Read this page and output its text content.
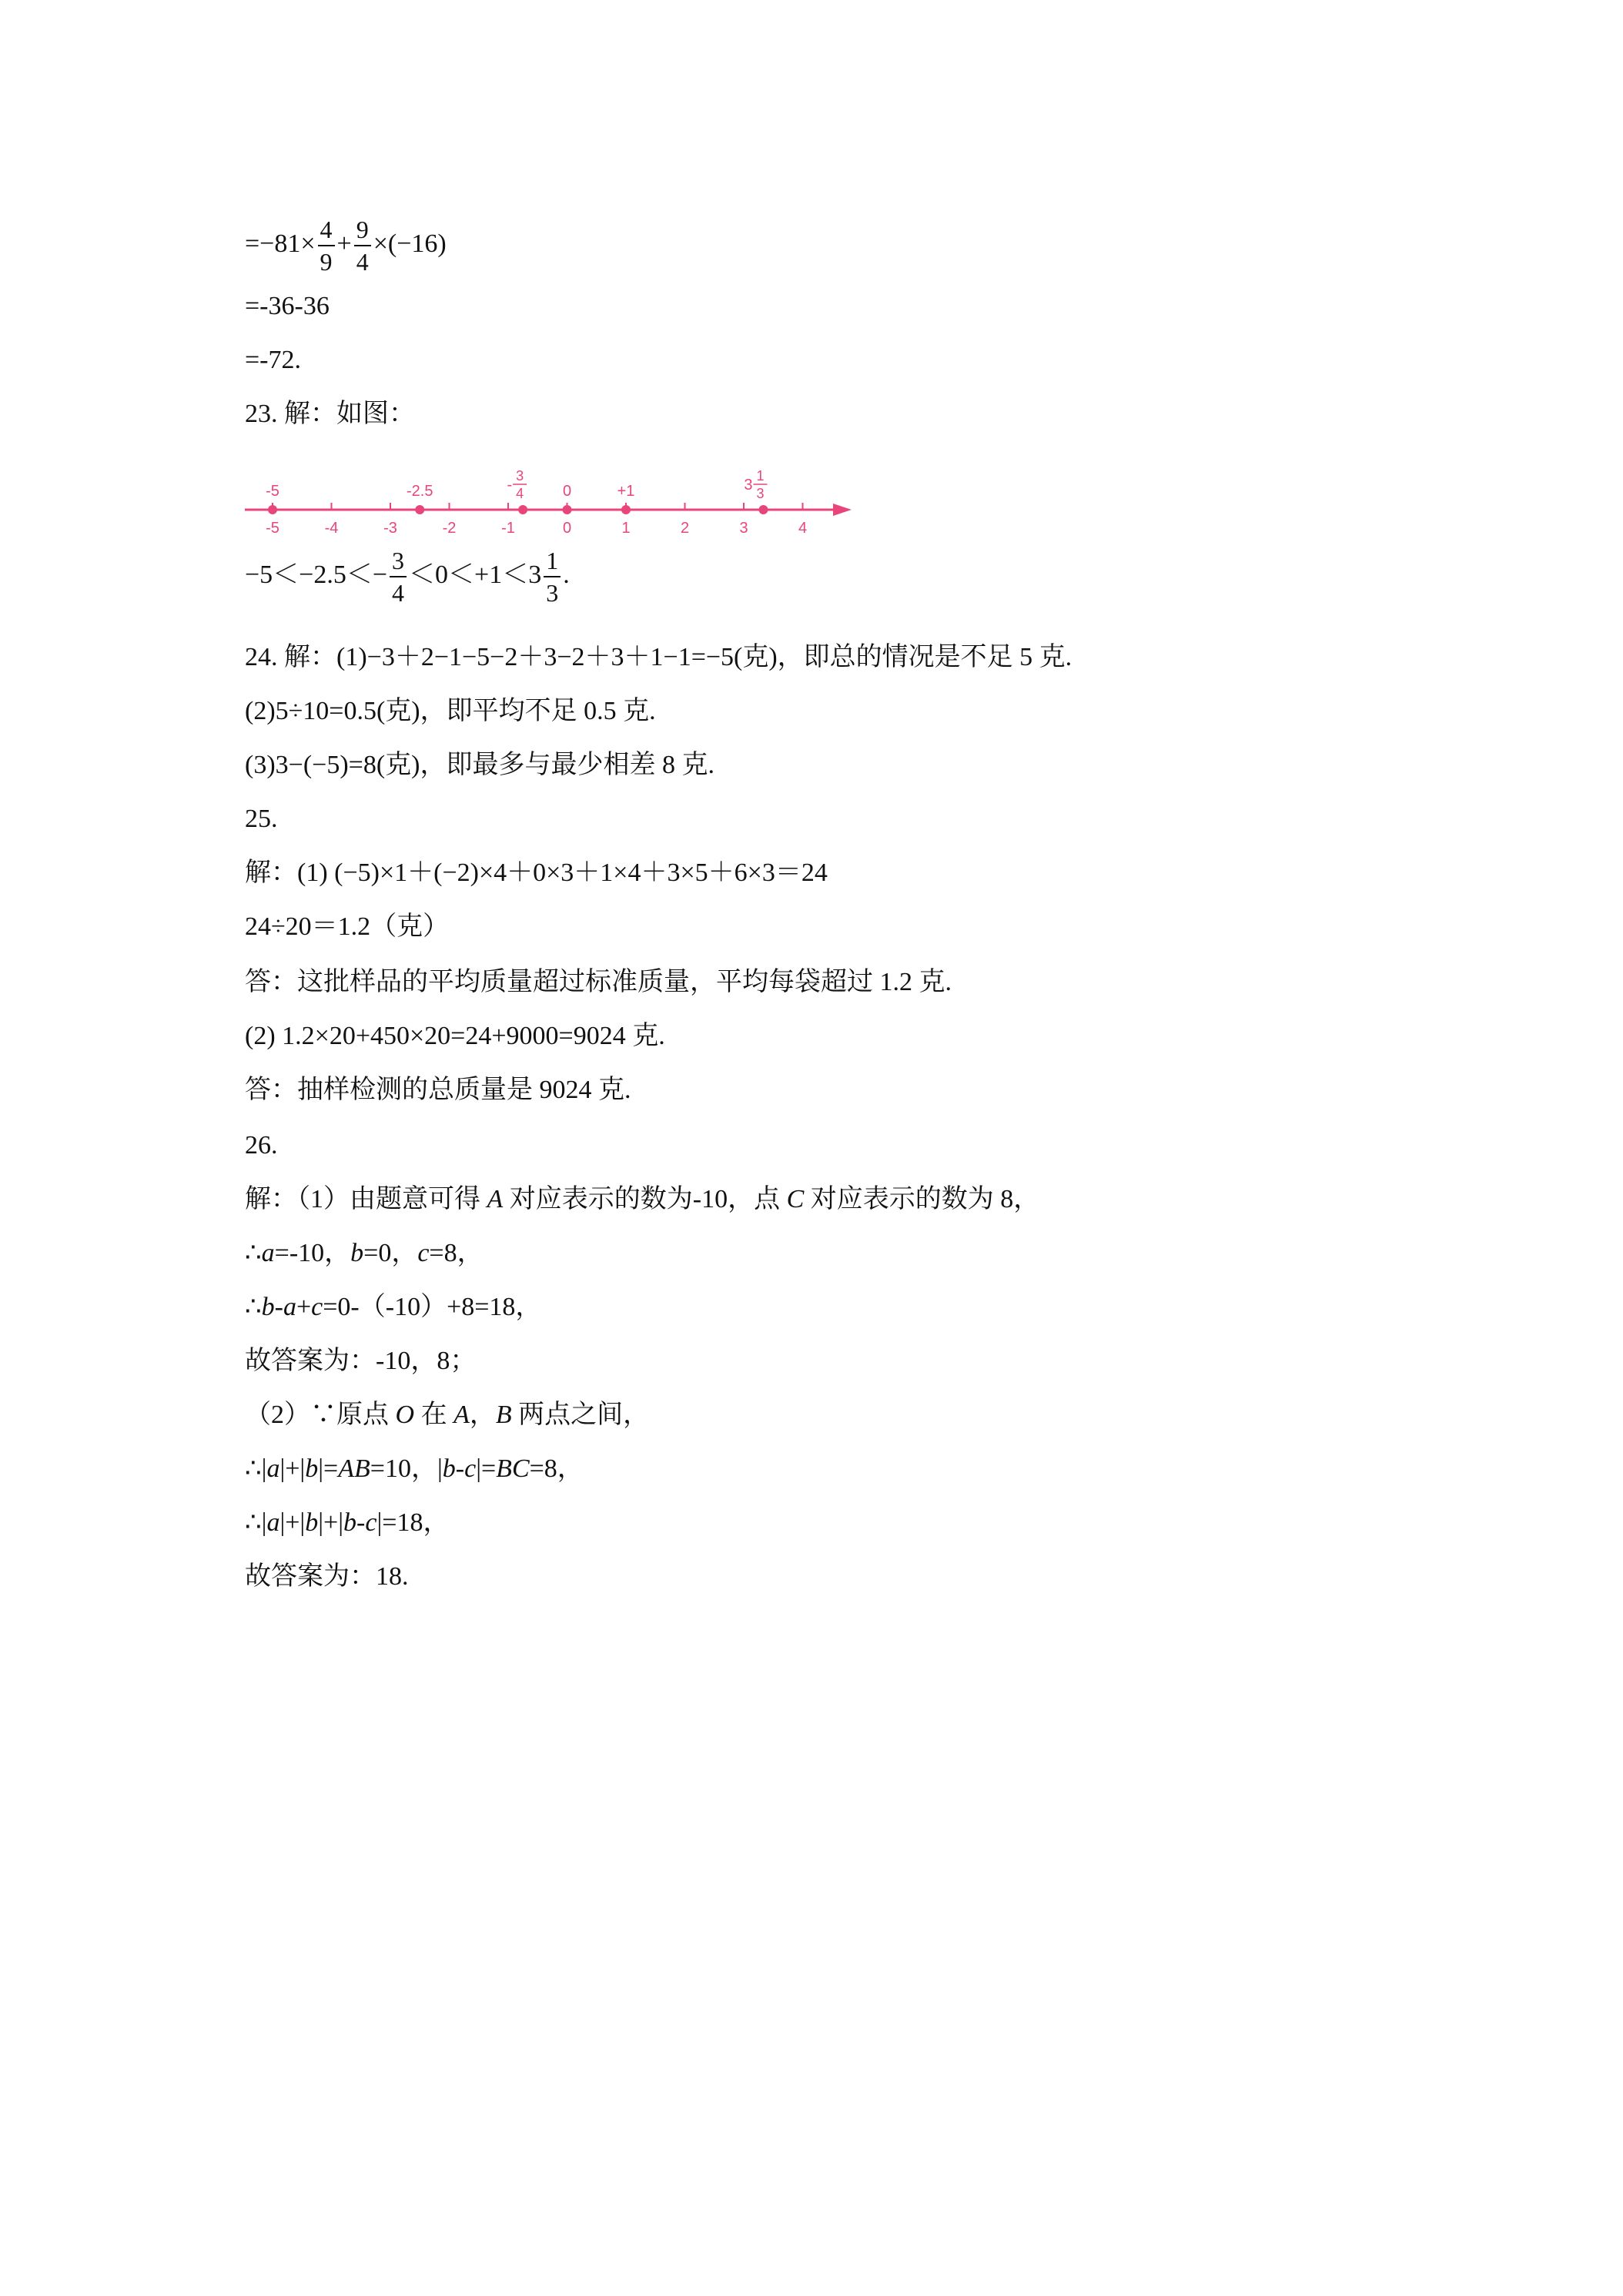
$=-81\times \frac{4}{9} + \frac{9}{4} \times(-16)$
=-36-36
=-72.
23. 解：如图：
-5	-4	-3	-2	-1	0	1	2	3	4
-5	-2.5	-
3
4	0	+1	3
1
3
$-5<-2.5<- \frac{3}{4} <0<+1<3 \frac{1}{3}$ .
24. 解：(1)−3＋2−1−5−2＋3−2＋3＋1−1=−5(克)，即总的情况是不足 5 克.
(2)5÷10=0.5(克)，即平均不足 0.5 克.
(3)3−(−5)=8(克)，即最多与最少相差 8 克.
25.
解：(1) (−5)×1＋(−2)×4＋0×3＋1×4＋3×5＋6×3＝24
24÷20＝1.2（克）
答：这批样品的平均质量超过标准质量，平均每袋超过 1.2 克.
(2) 1.2×20+450×20=24+9000=9024 克.
答：抽样检测的总质量是 9024 克.
26.
解：（1）由题意可得 A 对应表示的数为-10，点 C 对应表示的数为 8，
∴a=-10，b=0，c=8，
∴b-a+c=0-（-10）+8=18，
故答案为：-10，8；
（2）∵原点 O 在 A，B 两点之间，
∴|a|+|b|=AB=10，|b-c|=BC=8，
∴|a|+|b|+|b-c|=18，
故答案为：18.
